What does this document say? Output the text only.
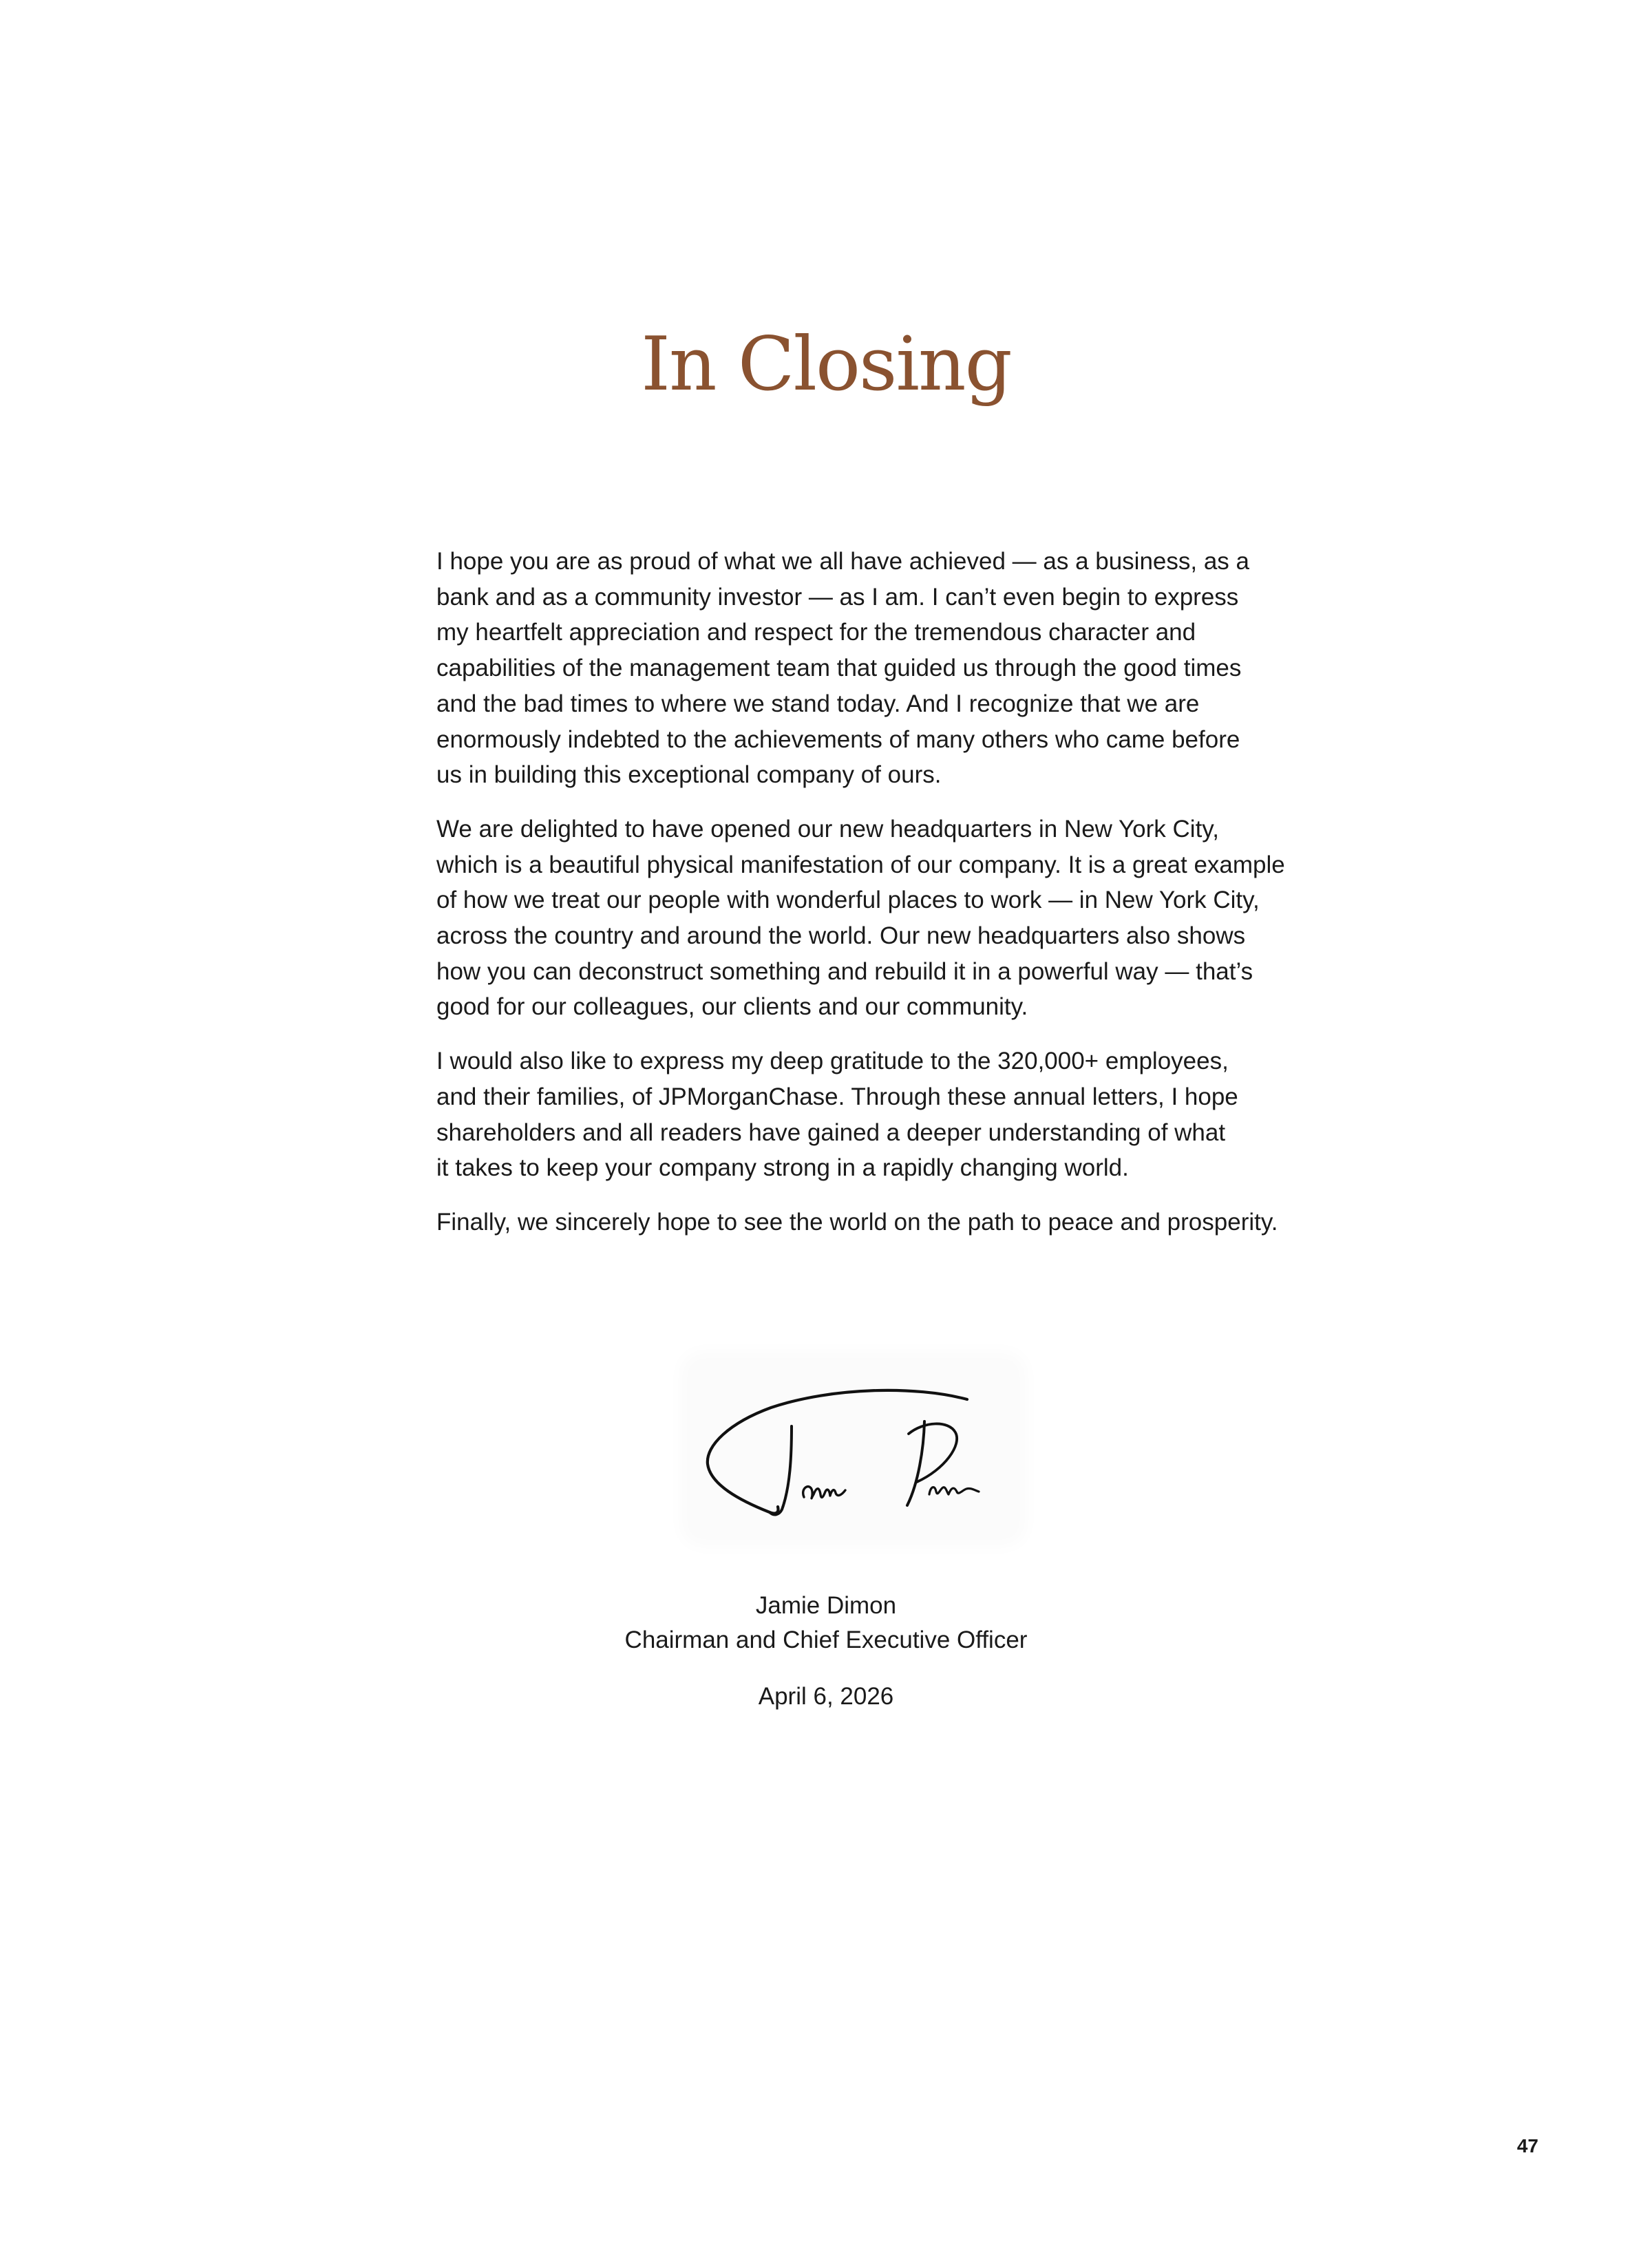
In Closing

I hope you are as proud of what we all have achieved — as a business, as a
bank and as a community investor — as I am. I can’t even begin to express
my heartfelt appreciation and respect for the tremendous character and
capabilities of the management team that guided us through the good times
and the bad times to where we stand today. And I recognize that we are
enormously indebted to the achievements of many others who came before
us in building this exceptional company of ours.

We are delighted to have opened our new headquarters in New York City,
which is a beautiful physical manifestation of our company. It is a great example
of how we treat our people with wonderful places to work — in New York City,
across the country and around the world. Our new headquarters also shows
how you can deconstruct something and rebuild it in a powerful way — that’s
good for our colleagues, our clients and our community.

I would also like to express my deep gratitude to the 320,000+ employees,
and their families, of JPMorganChase. Through these annual letters, I hope
shareholders and all readers have gained a deeper understanding of what
it takes to keep your company strong in a rapidly changing world.

Finally, we sincerely hope to see the world on the path to peace and prosperity.

Jamie Dimon

Chairman and Chief Executive Officer

April 6, 2026

47
